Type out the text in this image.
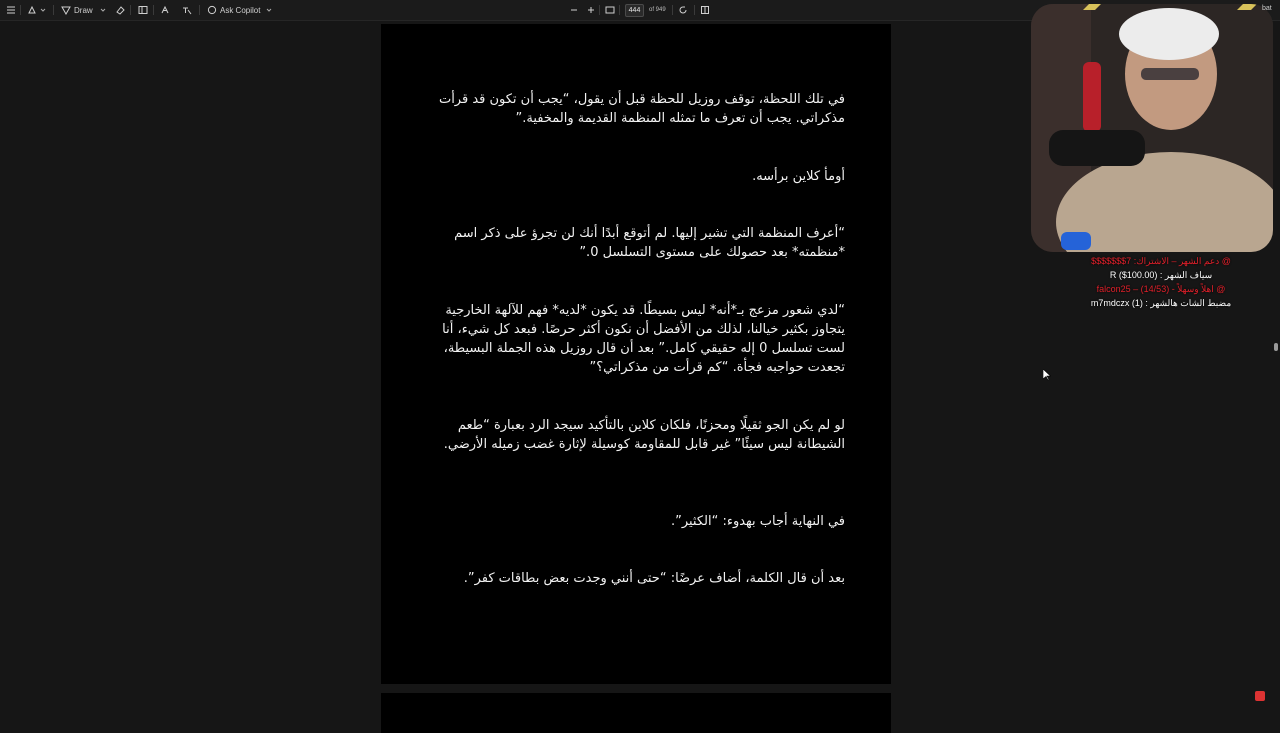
Draw	Ask Copilot
444	of 949

في تلك اللحظة، توقف روزيل للحظة قبل أن يقول، “يجب أن تكون قد قرأت مذكراتي. يجب أن تعرف ما تمثله المنظمة القديمة والمخفية.”

أومأ كلاين برأسه.

“أعرف المنظمة التي تشير إليها. لم أتوقع أبدًا أنك لن تجرؤ على ذكر اسم *منظمته* بعد حصولك على مستوى التسلسل 0.”

“لدي شعور مزعج بـ*أنه* ليس بسيطًا. قد يكون *لديه* فهم للآلهة الخارجية يتجاوز بكثير خيالنا، لذلك من الأفضل أن نكون أكثر حرصًا. فبعد كل شيء، أنا لست تسلسل 0 إله حقيقي كامل.” بعد أن قال روزيل هذه الجملة البسيطة، تجعدت حواجبه فجأة. “كم قرأت من مذكراتي؟”

لو لم يكن الجو ثقيلًا ومحزنًا، فلكان كلاين بالتأكيد سيجد الرد بعبارة “طعم الشيطانة ليس سيئًا” غير قابل للمقاومة كوسيلة لإثارة غضب زميله الأرضي.

في النهاية أجاب بهدوء: “الكثير”.

بعد أن قال الكلمة، أضاف عرضًا: “حتى أنني وجدت بعض بطاقات كفر”.

bat
@ دعم الشهر – الاشتراك: 7$$$$$$$
سياف الشهر : (100.00$) R
@ اهلاً وسهلاً - (14/53) – falcon25
مضبط الشات هالشهر : (1) m7mdczx
